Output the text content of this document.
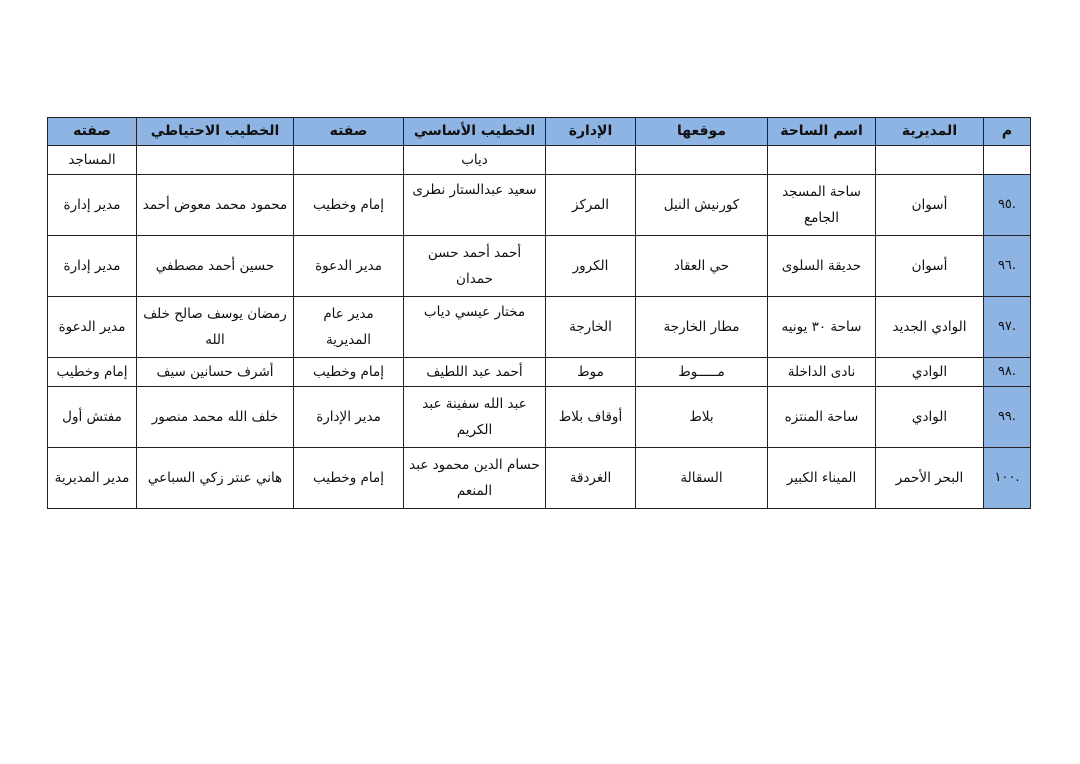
م	المديرية	اسم الساحة	موقعها	الإدارة	الخطيب الأساسي	صفته	الخطيب الاحتياطي	صفته
					دياب			المساجد
.٩٥	أسوان	ساحة المسجد الجامع	كورنيش النيل	المركز	سعيد عبدالستار نطرى	إمام وخطيب	محمود محمد معوض أحمد	مدير إدارة
.٩٦	أسوان	حديقة السلوى	حي العقاد	الكرور	أحمد أحمد حسن حمدان	مدير الدعوة	حسين أحمد مصطفي	مدير إدارة
.٩٧	الوادي الجديد	ساحة ٣٠ يونيه	مطار الخارجة	الخارجة	مختار عيسي دياب	مدير عام المديرية	رمضان يوسف صالح خلف الله	مدير الدعوة
.٩٨	الوادي	نادى الداخلة	مـــــوط	موط	أحمد عبد اللطيف	إمام وخطيب	أشرف حسانين سيف	إمام وخطيب
.٩٩	الوادي	ساحة المنتزه	بلاط	أوقاف بلاط	عبد الله سفينة عبد الكريم	مدير الإدارة	خلف الله محمد منصور	مفتش أول
.١٠٠	البحر الأحمر	الميناء الكبير	السقالة	الغردقة	حسام الدين محمود عبد المنعم	إمام وخطيب	هاني عنتر زكي السباعي	مدير المديرية
